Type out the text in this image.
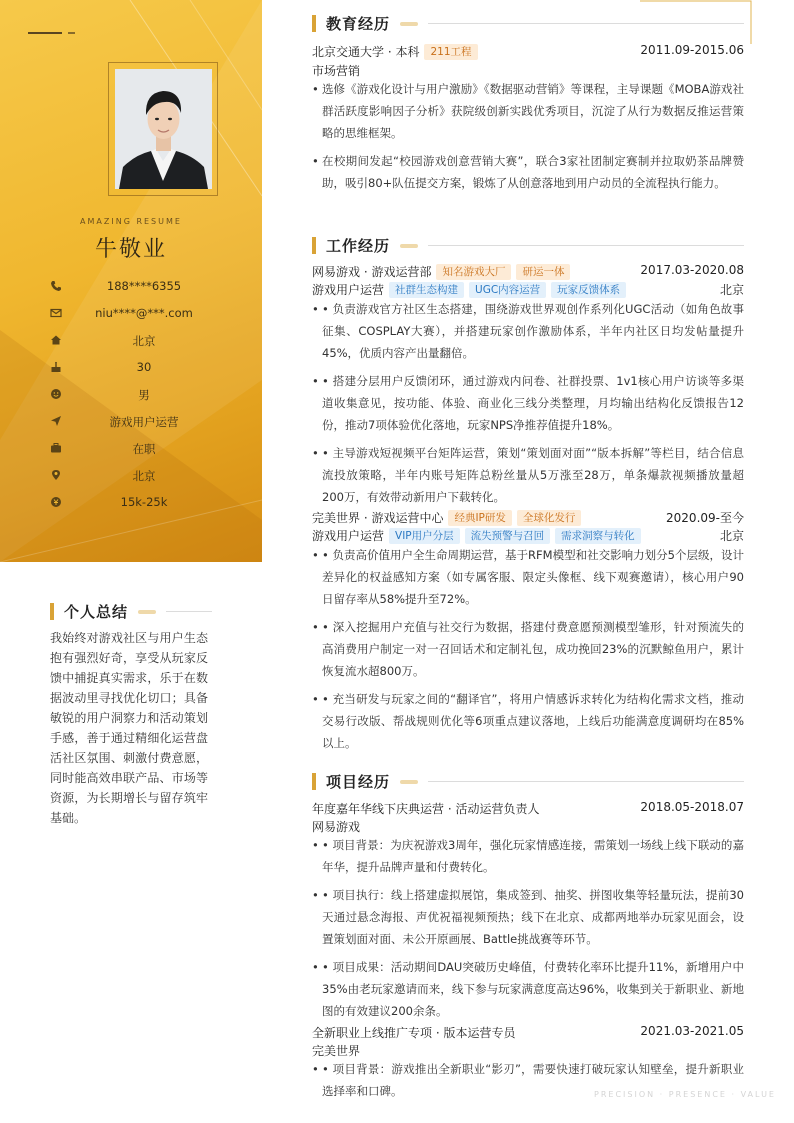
AMAZING RESUME
牛敬业
188****6355
niu****@***.com
北京
30
男
游戏用户运营
在职
北京
15k-25k
个人总结
我始终对游戏社区与用户生态抱有强烈好奇，享受从玩家反馈中捕捉真实需求，乐于在数据波动里寻找优化切口；具备敏锐的用户洞察力和活动策划手感，善于通过精细化运营盘活社区氛围、刺激付费意愿，同时能高效串联产品、市场等资源，为长期增长与留存筑牢基础。
教育经历
北京交通大学 · 本科	211工程	2011.09-2015.06
市场营销
• 选修《游戏化设计与用户激励》《数据驱动营销》等课程，主导课题《MOBA游戏社群活跃度影响因子分析》获院级创新实践优秀项目，沉淀了从行为数据反推运营策略的思维框架。
• 在校期间发起“校园游戏创意营销大赛”，联合3家社团制定赛制并拉取奶茶品牌赞助，吸引80+队伍提交方案，锻炼了从创意落地到用户动员的全流程执行能力。
工作经历
网易游戏 · 游戏运营部	知名游戏大厂	研运一体	2017.03-2020.08
游戏用户运营	社群生态构建	UGC内容运营	玩家反馈体系	北京
• • 负责游戏官方社区生态搭建，围绕游戏世界观创作系列化UGC活动（如角色故事征集、COSPLAY大赛），并搭建玩家创作激励体系，半年内社区日均发帖量提升45%，优质内容产出量翻倍。
• • 搭建分层用户反馈闭环，通过游戏内问卷、社群投票、1v1核心用户访谈等多渠道收集意见，按功能、体验、商业化三线分类整理，月均输出结构化反馈报告12份，推动7项体验优化落地，玩家NPS净推荐值提升18%。
• • 主导游戏短视频平台矩阵运营，策划“策划面对面”“版本拆解”等栏目，结合信息流投放策略，半年内账号矩阵总粉丝量从5万涨至28万，单条爆款视频播放量超200万，有效带动新用户下载转化。
完美世界 · 游戏运营中心	经典IP研发	全球化发行	2020.09-至今
游戏用户运营	VIP用户分层	流失预警与召回	需求洞察与转化	北京
• • 负责高价值用户全生命周期运营，基于RFM模型和社交影响力划分5个层级，设计差异化的权益感知方案（如专属客服、限定头像框、线下观赛邀请），核心用户90日留存率从58%提升至72%。
• • 深入挖掘用户充值与社交行为数据，搭建付费意愿预测模型雏形，针对预流失的高消费用户制定一对一召回话术和定制礼包，成功挽回23%的沉默鲸鱼用户，累计恢复流水超800万。
• • 充当研发与玩家之间的“翻译官”，将用户情感诉求转化为结构化需求文档，推动交易行改版、帮战规则优化等6项重点建议落地，上线后功能满意度调研均在85%以上。
项目经历
年度嘉年华线下庆典运营 · 活动运营负责人	2018.05-2018.07
网易游戏
• • 项目背景：为庆祝游戏3周年，强化玩家情感连接，需策划一场线上线下联动的嘉年华，提升品牌声量和付费转化。
• • 项目执行：线上搭建虚拟展馆，集成签到、抽奖、拼图收集等轻量玩法，提前30天通过悬念海报、声优祝福视频预热；线下在北京、成都两地举办玩家见面会，设置策划面对面、未公开原画展、Battle挑战赛等环节。
• • 项目成果：活动期间DAU突破历史峰值，付费转化率环比提升11%，新增用户中35%由老玩家邀请而来，线下参与玩家满意度高达96%，收集到关于新职业、新地图的有效建议200余条。
全新职业上线推广专项 · 版本运营专员	2021.03-2021.05
完美世界
• • 项目背景：游戏推出全新职业“影刃”，需要快速打破玩家认知壁垒，提升新职业选择率和口碑。	PRECISION · PRESENCE · VALUE
